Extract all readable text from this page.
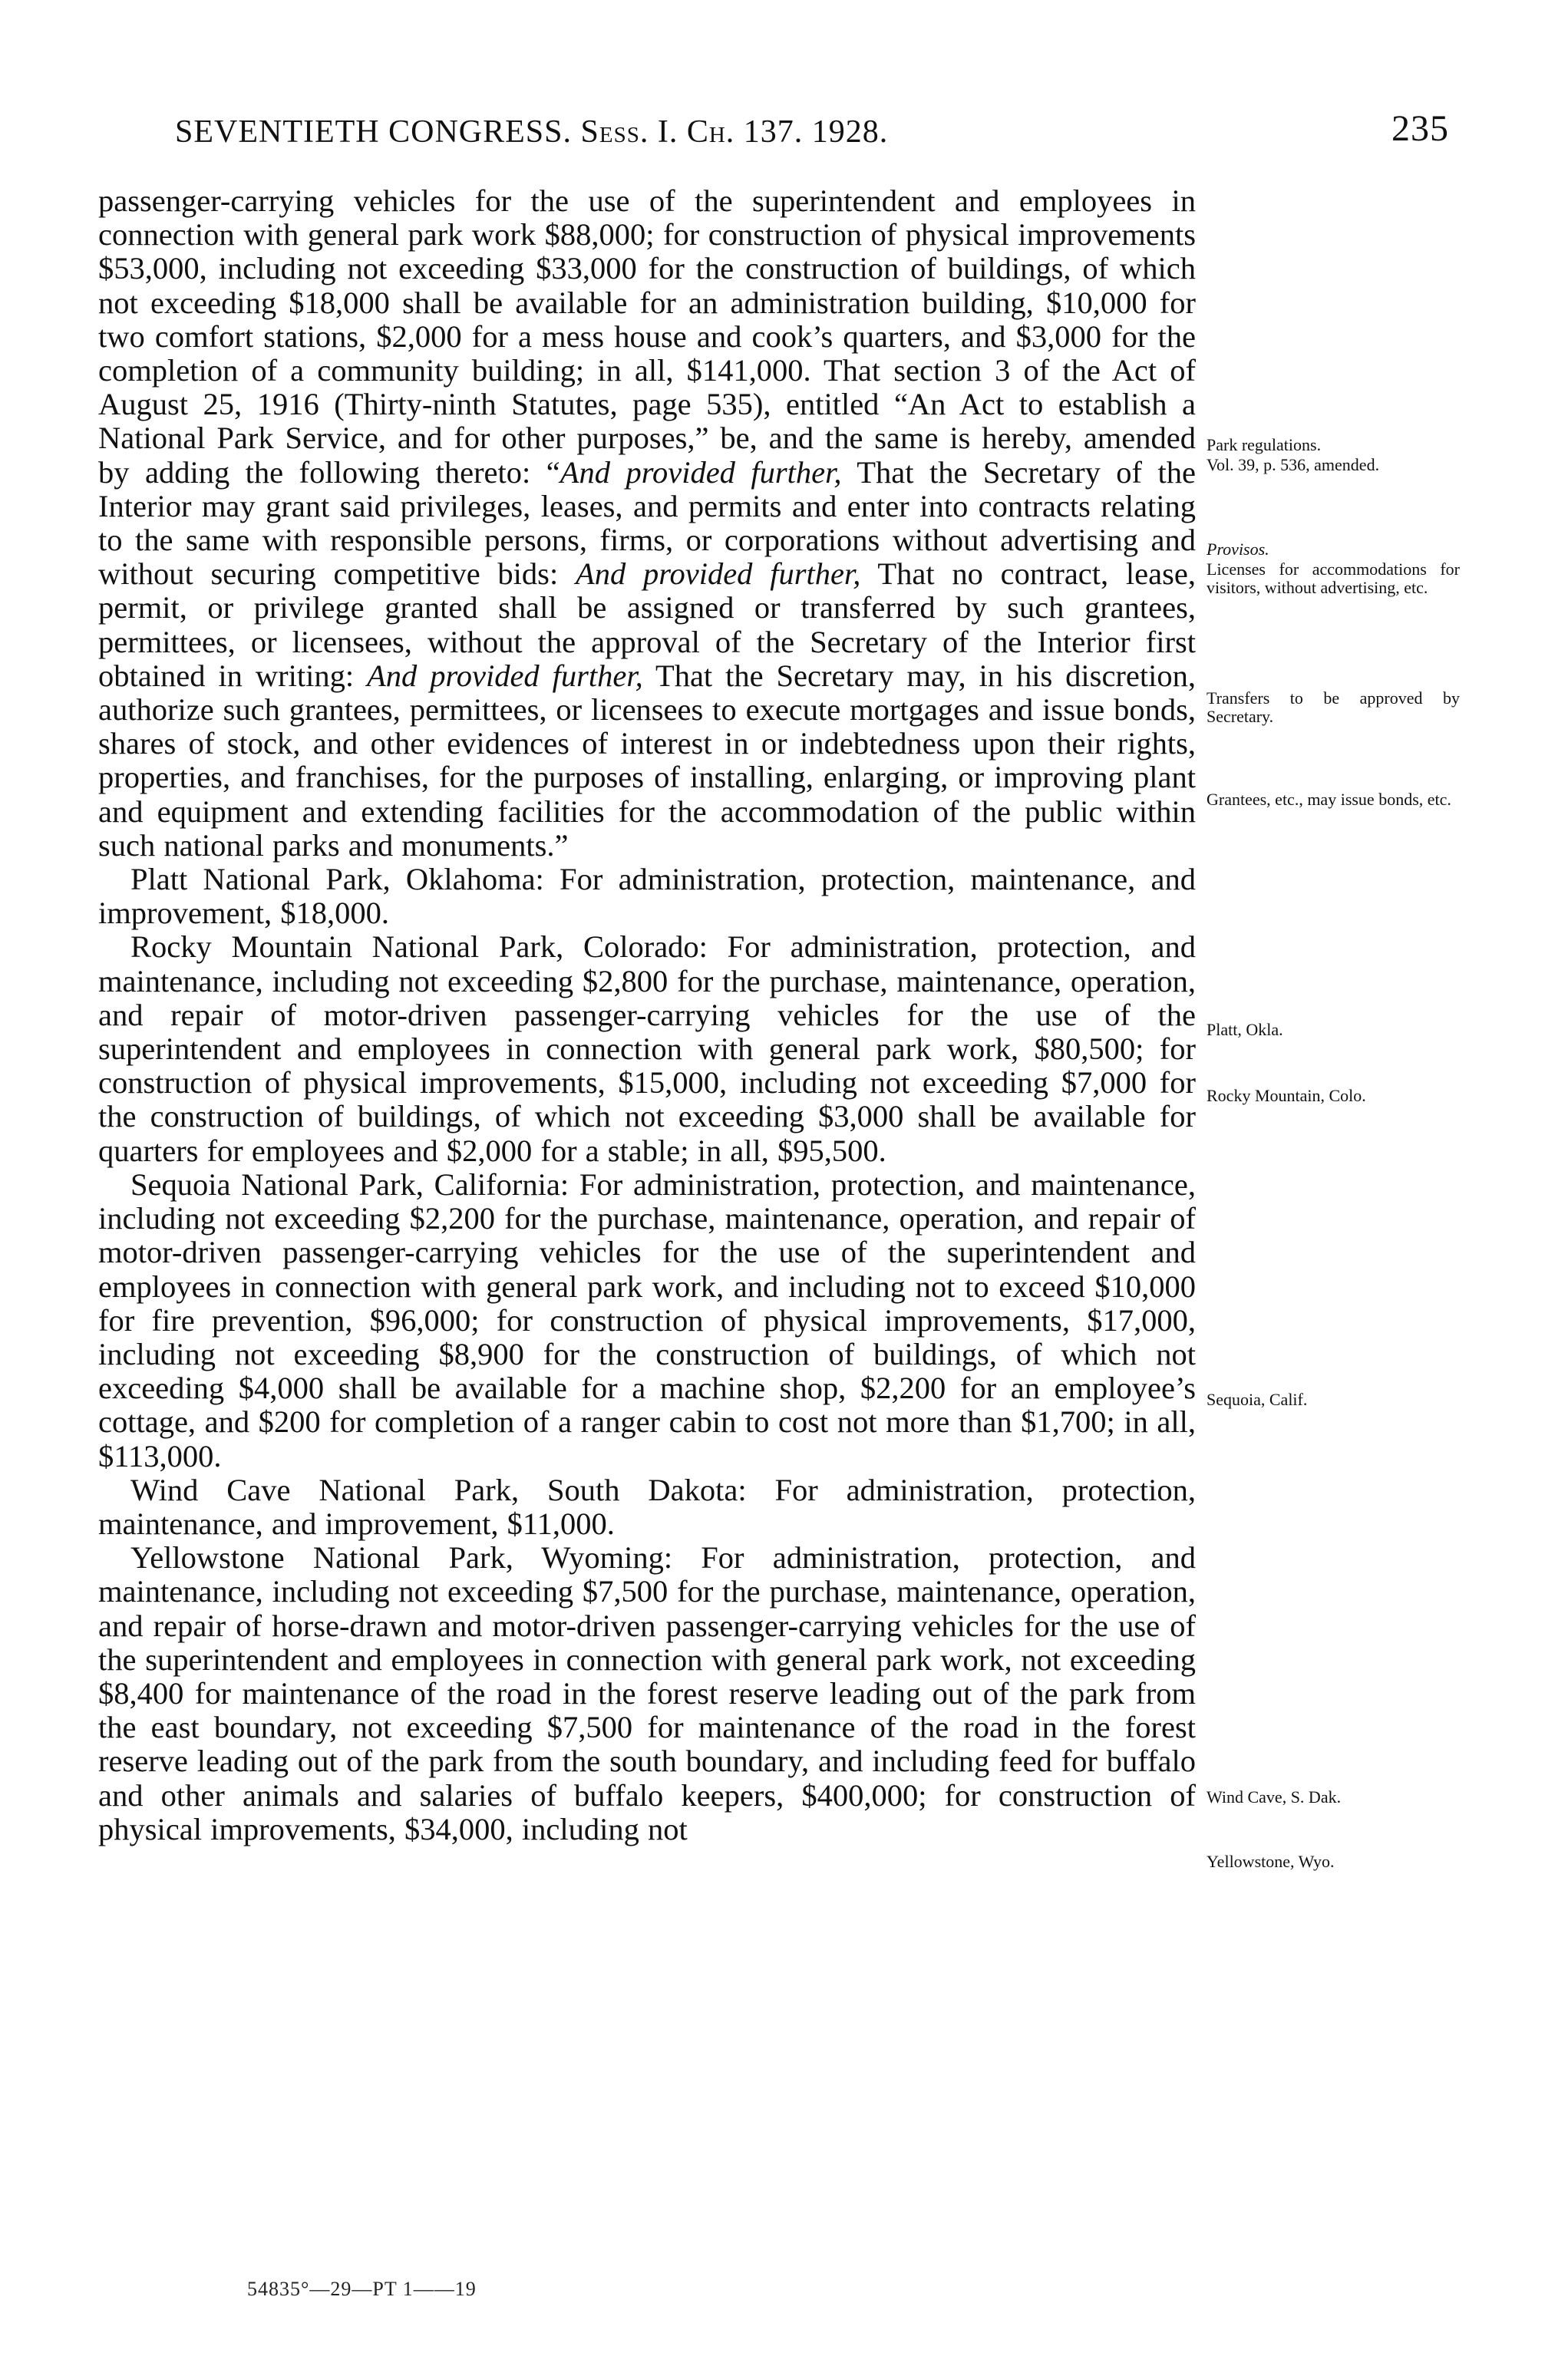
SEVENTIETH CONGRESS. Sess. I. Ch. 137. 1928.	235

passenger-carrying vehicles for the use of the superintendent and employees in connection with general park work $88,000; for construction of physical improvements $53,000, including not exceeding $33,000 for the construction of buildings, of which not exceeding $18,000 shall be available for an administration building, $10,000 for two comfort stations, $2,000 for a mess house and cook’s quarters, and $3,000 for the completion of a community building; in all, $141,000. That section 3 of the Act of August 25, 1916 (Thirty-ninth Statutes, page 535), entitled “An Act to establish a National Park Service, and for other purposes,” be, and the same is hereby, amended by adding the following thereto: “And provided further, That the Secretary of the Interior may grant said privileges, leases, and permits and enter into contracts relating to the same with responsible persons, firms, or corporations without advertising and without securing competitive bids: And provided further, That no contract, lease, permit, or privilege granted shall be assigned or transferred by such grantees, permittees, or licensees, without the approval of the Secretary of the Interior first obtained in writing: And provided further, That the Secretary may, in his discretion, authorize such grantees, permittees, or licensees to execute mortgages and issue bonds, shares of stock, and other evidences of interest in or indebtedness upon their rights, properties, and franchises, for the purposes of installing, enlarging, or improving plant and equipment and extending facilities for the accommodation of the public within such national parks and monuments.”

Platt National Park, Oklahoma: For administration, protection, maintenance, and improvement, $18,000.

Rocky Mountain National Park, Colorado: For administration, protection, and maintenance, including not exceeding $2,800 for the purchase, maintenance, operation, and repair of motor-driven passenger-carrying vehicles for the use of the superintendent and employees in connection with general park work, $80,500; for construction of physical improvements, $15,000, including not exceeding $7,000 for the construction of buildings, of which not exceeding $3,000 shall be available for quarters for employees and $2,000 for a stable; in all, $95,500.

Sequoia National Park, California: For administration, protection, and maintenance, including not exceeding $2,200 for the purchase, maintenance, operation, and repair of motor-driven passenger-carrying vehicles for the use of the superintendent and employees in connection with general park work, and including not to exceed $10,000 for fire prevention, $96,000; for construction of physical improvements, $17,000, including not exceeding $8,900 for the construction of buildings, of which not exceeding $4,000 shall be available for a machine shop, $2,200 for an employee’s cottage, and $200 for completion of a ranger cabin to cost not more than $1,700; in all, $113,000.

Wind Cave National Park, South Dakota: For administration, protection, maintenance, and improvement, $11,000.

Yellowstone National Park, Wyoming: For administration, protection, and maintenance, including not exceeding $7,500 for the purchase, maintenance, operation, and repair of horse-drawn and motor-driven passenger-carrying vehicles for the use of the superintendent and employees in connection with general park work, not exceeding $8,400 for maintenance of the road in the forest reserve leading out of the park from the east boundary, not exceeding $7,500 for maintenance of the road in the forest reserve leading out of the park from the south boundary, and including feed for buffalo and other animals and salaries of buffalo keepers, $400,000; for construction of physical improvements, $34,000, including not

Park regulations.
Vol. 39, p. 536, amended.
Provisos.
Licenses for accommodations for visitors, without advertising, etc.
Transfers to be approved by Secretary.
Grantees, etc., may issue bonds, etc.
Platt, Okla.
Rocky Mountain, Colo.
Sequoia, Calif.
Wind Cave, S. Dak.
Yellowstone, Wyo.
54835°—29—PT 1——19
